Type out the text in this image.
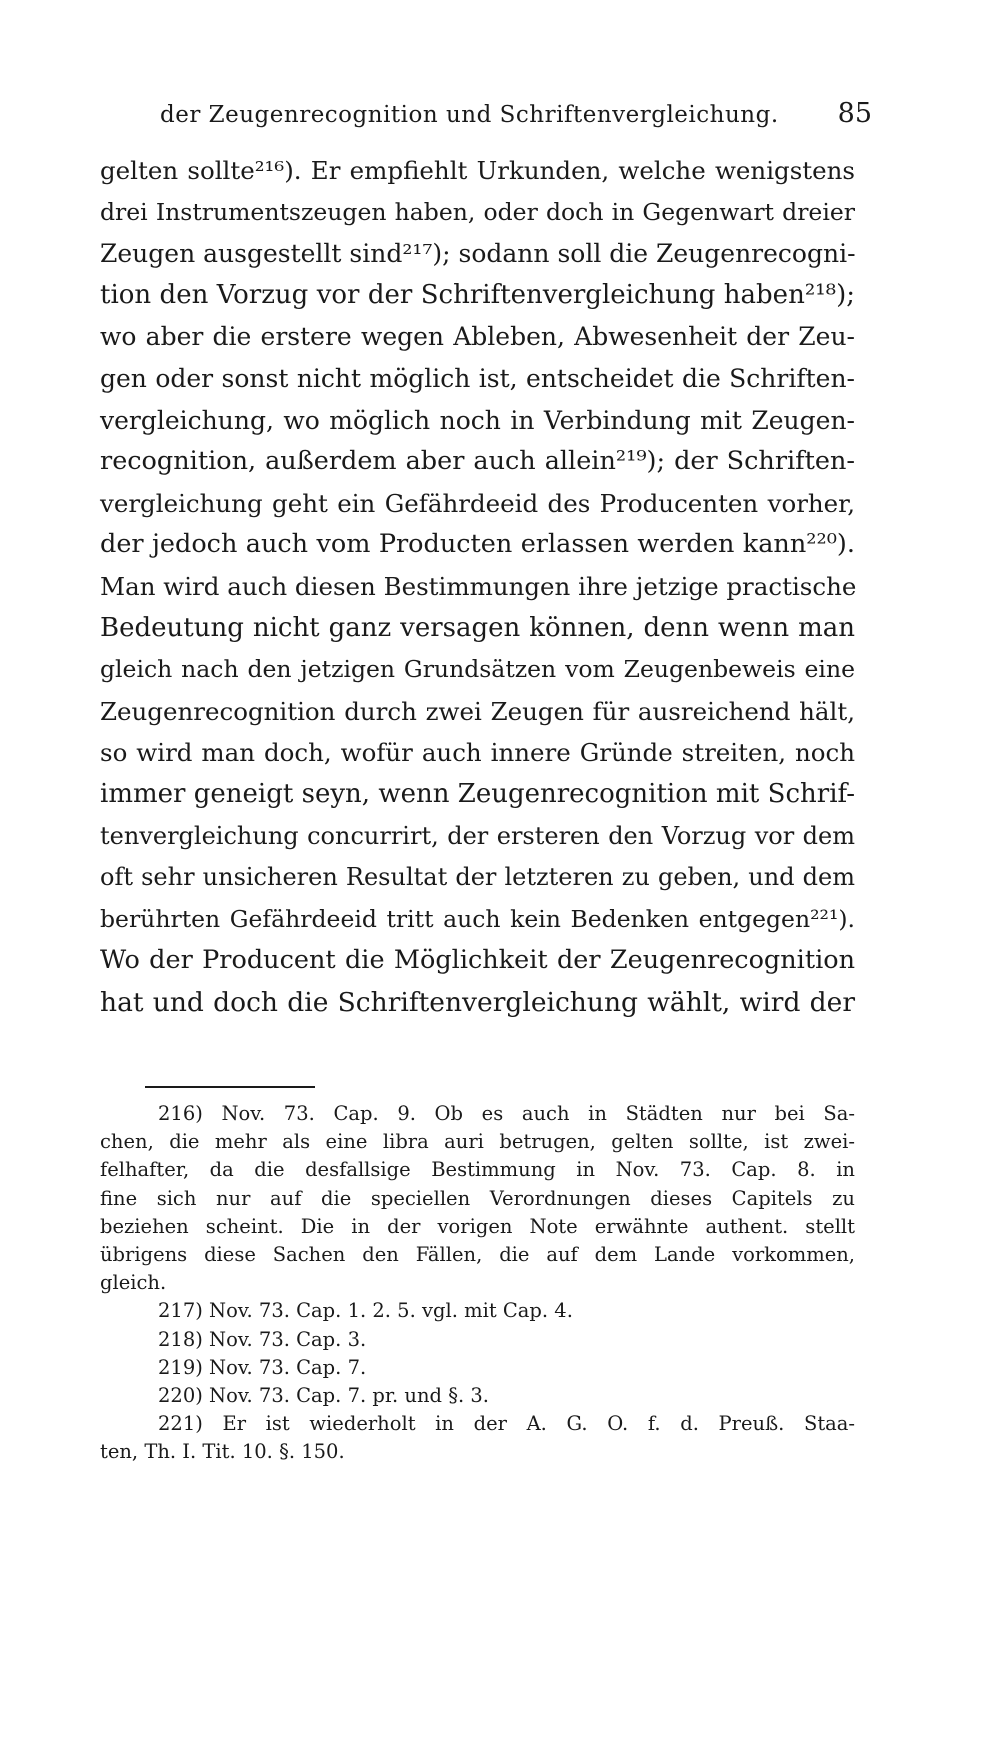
der Zeugenrecognition und Schriftenvergleichung.	85
gelten sollte²¹⁶). Er empfiehlt Urkunden, welche wenigstens
drei Instrumentszeugen haben, oder doch in Gegenwart dreier
Zeugen ausgestellt sind²¹⁷); sodann soll die Zeugenrecogni-
tion den Vorzug vor der Schriftenvergleichung haben²¹⁸);
wo aber die erstere wegen Ableben, Abwesenheit der Zeu-
gen oder sonst nicht möglich ist, entscheidet die Schriften-
vergleichung, wo möglich noch in Verbindung mit Zeugen-
recognition, außerdem aber auch allein²¹⁹); der Schriften-
vergleichung geht ein Gefährdeeid des Producenten vorher,
der jedoch auch vom Producten erlassen werden kann²²⁰).
Man wird auch diesen Bestimmungen ihre jetzige practische
Bedeutung nicht ganz versagen können, denn wenn man
gleich nach den jetzigen Grundsätzen vom Zeugenbeweis eine
Zeugenrecognition durch zwei Zeugen für ausreichend hält,
so wird man doch, wofür auch innere Gründe streiten, noch
immer geneigt seyn, wenn Zeugenrecognition mit Schrif-
tenvergleichung concurrirt, der ersteren den Vorzug vor dem
oft sehr unsicheren Resultat der letzteren zu geben, und dem
berührten Gefährdeeid tritt auch kein Bedenken entgegen²²¹).
Wo der Producent die Möglichkeit der Zeugenrecognition
hat und doch die Schriftenvergleichung wählt, wird der
216) Nov. 73. Cap. 9. Ob es auch in Städten nur bei Sa-
chen, die mehr als eine libra auri betrugen, gelten sollte, ist zwei-
felhafter, da die desfallsige Bestimmung in Nov. 73. Cap. 8. in
fine sich nur auf die speciellen Verordnungen dieses Capitels zu
beziehen scheint. Die in der vorigen Note erwähnte authent. stellt
übrigens diese Sachen den Fällen, die auf dem Lande vorkommen,
gleich.
217) Nov. 73. Cap. 1. 2. 5. vgl. mit Cap. 4.
218) Nov. 73. Cap. 3.
219) Nov. 73. Cap. 7.
220) Nov. 73. Cap. 7. pr. und §. 3.
221) Er ist wiederholt in der A. G. O. f. d. Preuß. Staa-
ten, Th. I. Tit. 10. §. 150.
